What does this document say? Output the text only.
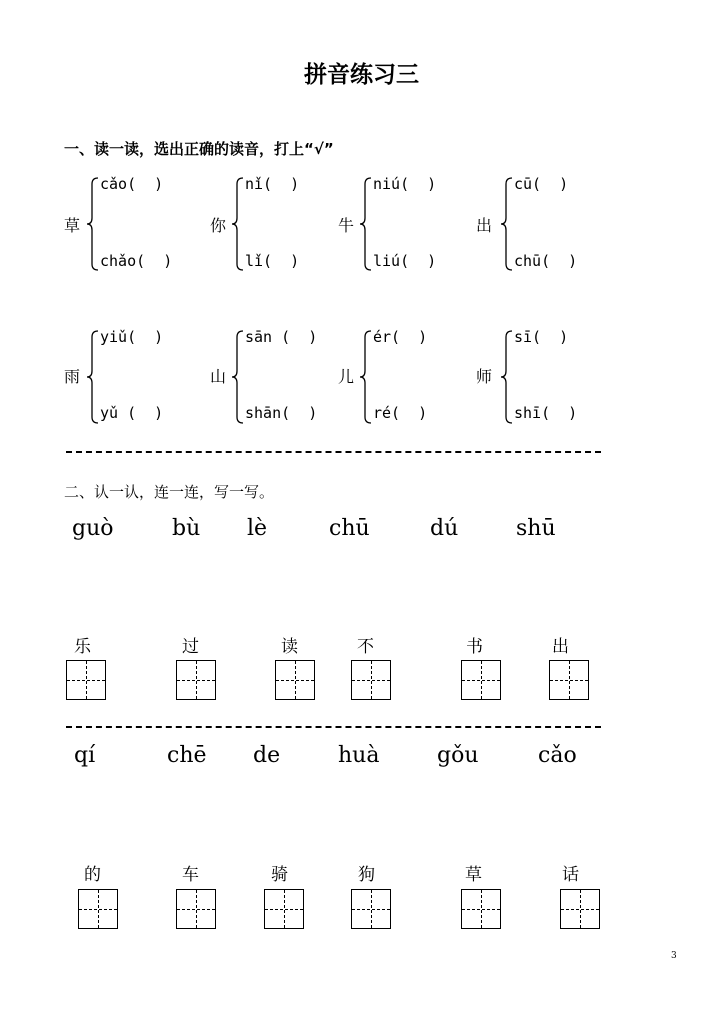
拼音练习三
一、读一读，选出正确的读音，打上“√”
草
cǎo(  )
chǎo(  )
你
nǐ(  )
lǐ(  )
牛
niú(  )
liú(  )
出
cū(  )
chū(  )
雨
yiǔ(  )
yǔ (  )
山
sān (  )
shān(  )
儿
ér(  )
ré(  )
师
sī(  )
shī(  )
二、认一认，连一连，写一写。
guò	bù lè	chū	dú	shū
乐	过	读	不	书	出
qí	chē de	huà	gǒu	cǎo
的	车	骑	狗	草	话
3
